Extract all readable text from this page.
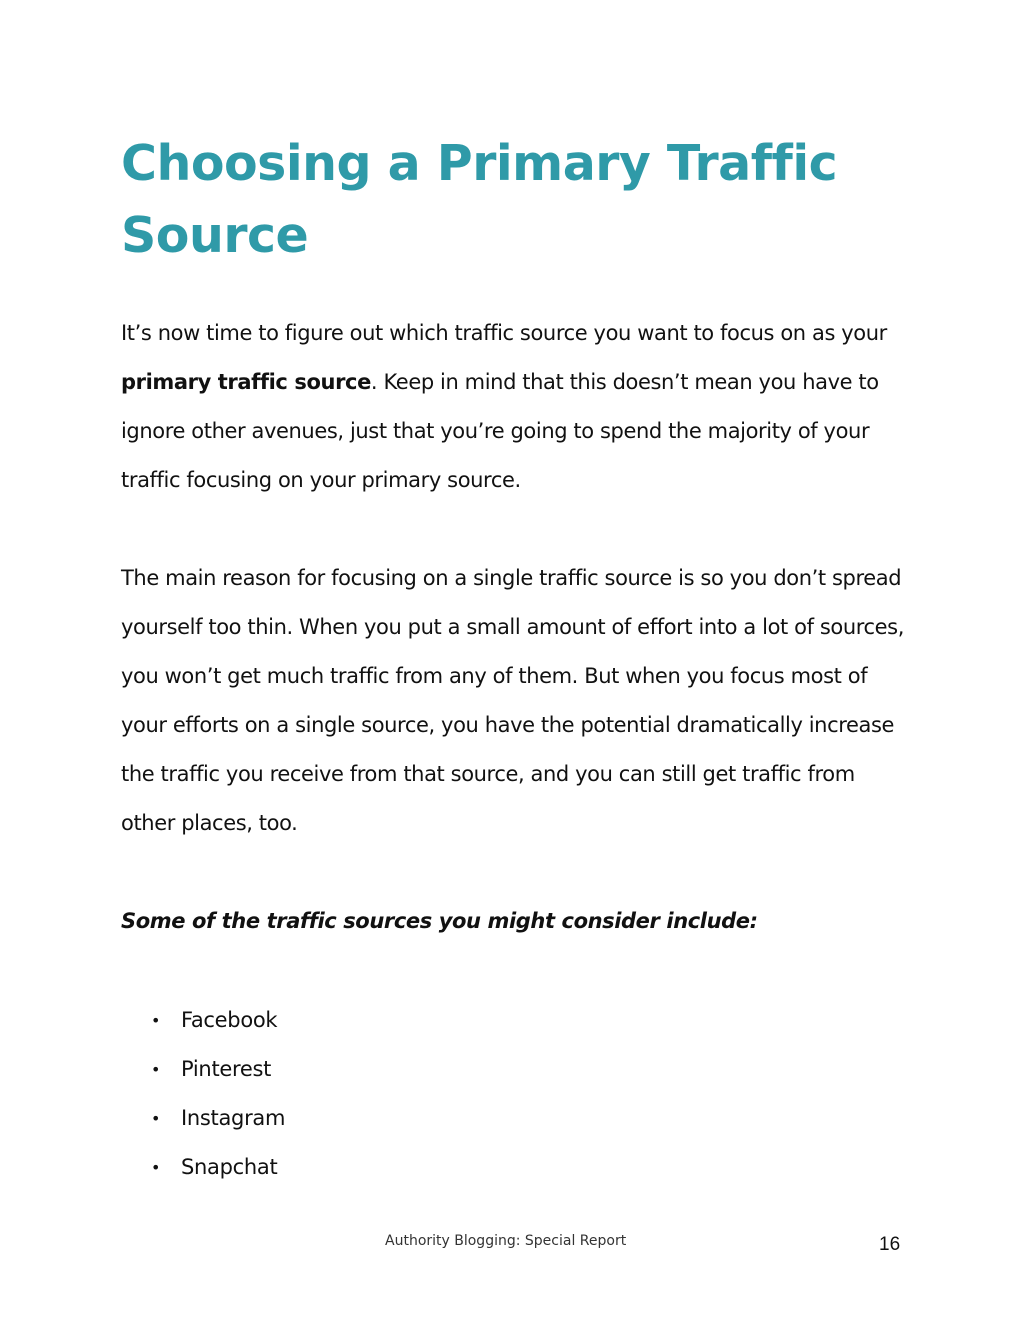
Choosing a Primary Traffic Source

It’s now time to figure out which traffic source you want to focus on as your primary traffic source. Keep in mind that this doesn’t mean you have to ignore other avenues, just that you’re going to spend the majority of your traffic focusing on your primary source.

The main reason for focusing on a single traffic source is so you don’t spread yourself too thin. When you put a small amount of effort into a lot of sources, you won’t get much traffic from any of them. But when you focus most of your efforts on a single source, you have the potential dramatically increase the traffic you receive from that source, and you can still get traffic from other places, too.

Some of the traffic sources you might consider include:

• Facebook
• Pinterest
• Instagram
• Snapchat
Authority Blogging: Special Report	16
